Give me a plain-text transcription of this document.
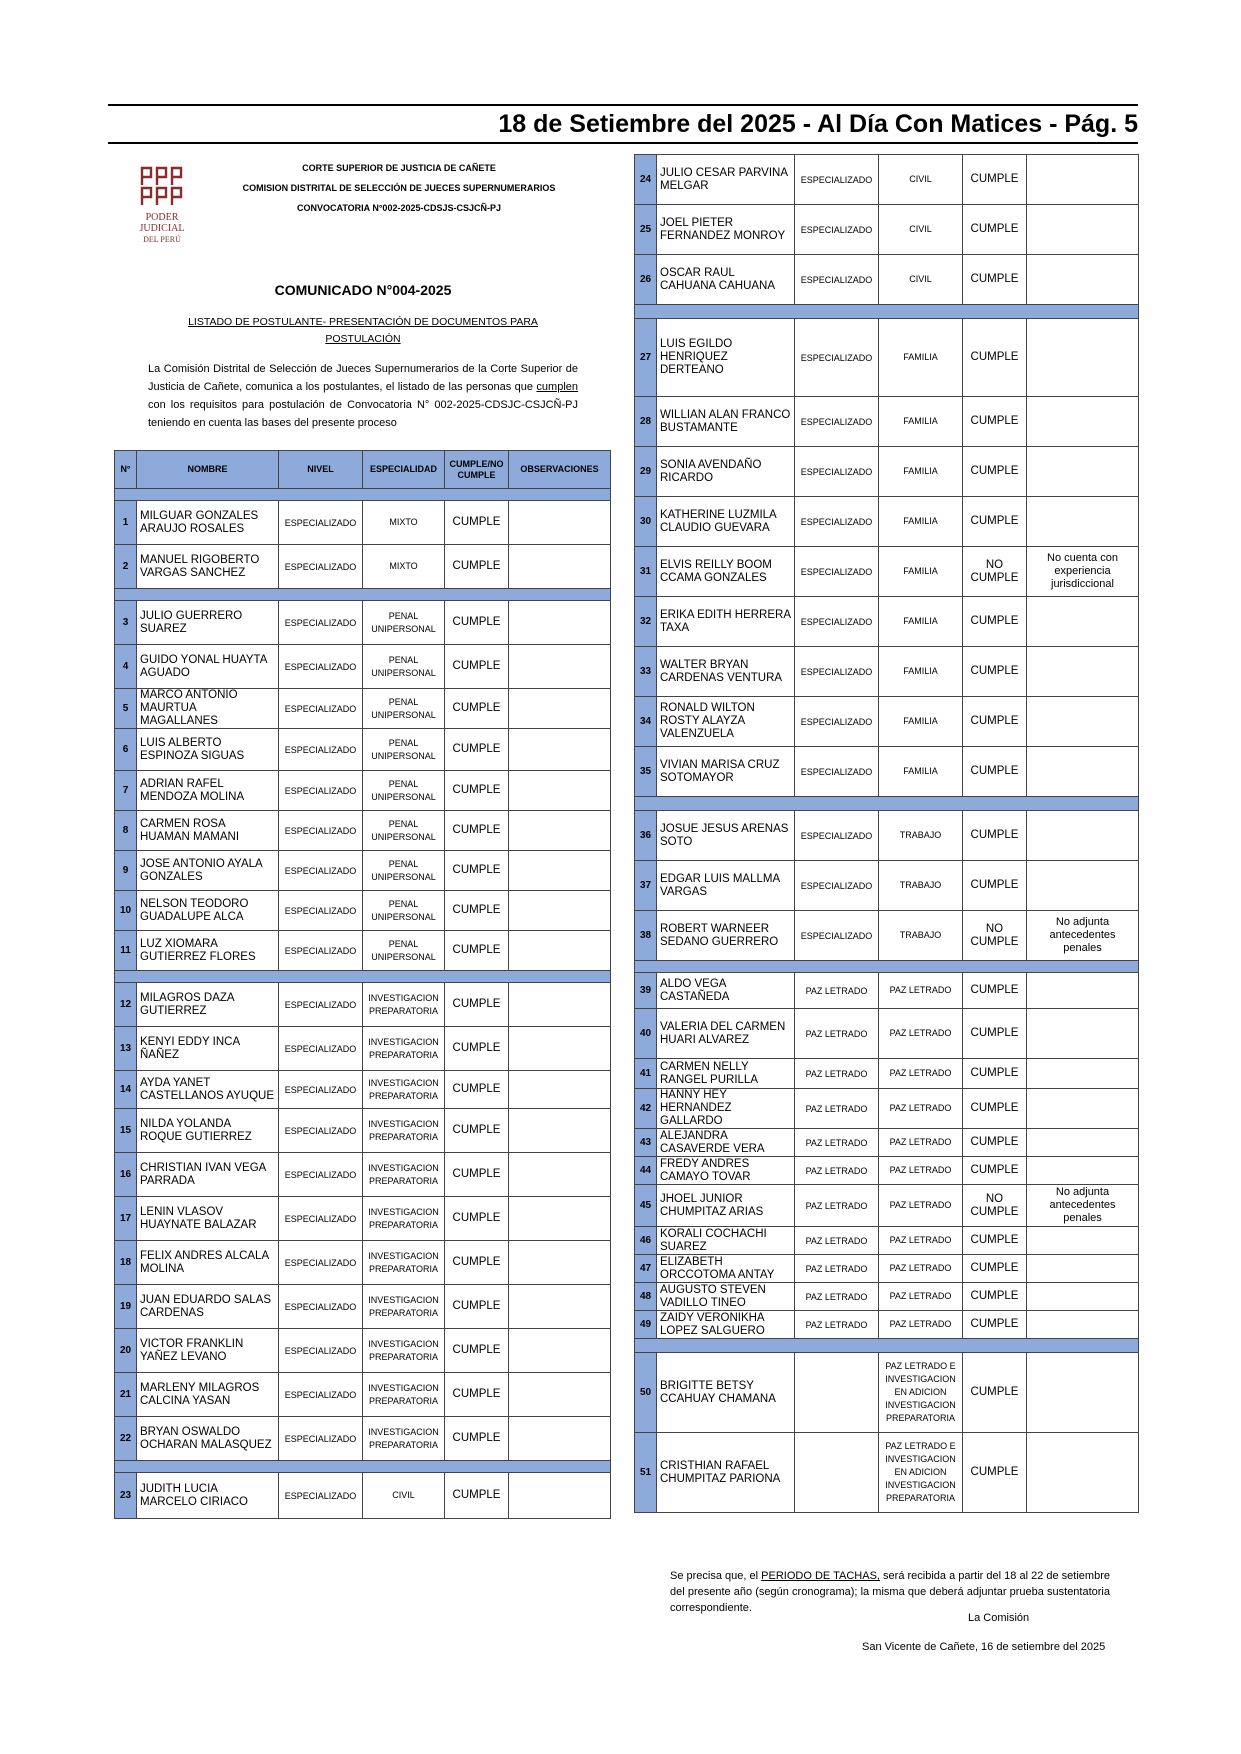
18 de Setiembre del 2025 - Al Día Con Matices - Pág. 5
PODER JUDICIAL
DEL PERÚ
CORTE SUPERIOR DE JUSTICIA DE CAÑETE
COMISION DISTRITAL DE SELECCIÓN DE JUECES SUPERNUMERARIOS
CONVOCATORIA N°002-2025-CDSJS-CSJCÑ-PJ
COMUNICADO N°004-2025
LISTADO DE POSTULANTE- PRESENTACIÓN DE DOCUMENTOS PARA POSTULACIÓN
La Comisión Distrital de Selección de Jueces Supernumerarios de la Corte Superior de Justicia de Cañete, comunica a los postulantes, el listado de las personas que cumplen con los requisitos para postulación de Convocatoria N° 002-2025-CDSJC-CSJCÑ-PJ teniendo en cuenta las bases del presente proceso
N°	NOMBRE	NIVEL	ESPECIALIDAD	CUMPLE/NO CUMPLE	OBSERVACIONES

1	MILGUAR GONZALES ARAUJO ROSALES	ESPECIALIZADO	MIXTO	CUMPLE	
2	MANUEL RIGOBERTO VARGAS SANCHEZ	ESPECIALIZADO	MIXTO	CUMPLE	

3	JULIO GUERRERO SUAREZ	ESPECIALIZADO	PENAL UNIPERSONAL	CUMPLE	
4	GUIDO YONAL HUAYTA AGUADO	ESPECIALIZADO	PENAL UNIPERSONAL	CUMPLE	
5	MARCO ANTONIO MAURTUA MAGALLANES	ESPECIALIZADO	PENAL UNIPERSONAL	CUMPLE	
6	LUIS ALBERTO ESPINOZA SIGUAS	ESPECIALIZADO	PENAL UNIPERSONAL	CUMPLE	
7	ADRIAN RAFEL MENDOZA MOLINA	ESPECIALIZADO	PENAL UNIPERSONAL	CUMPLE	
8	CARMEN ROSA HUAMAN MAMANI	ESPECIALIZADO	PENAL UNIPERSONAL	CUMPLE	
9	JOSE ANTONIO AYALA GONZALES	ESPECIALIZADO	PENAL UNIPERSONAL	CUMPLE	
10	NELSON TEODORO GUADALUPE ALCA	ESPECIALIZADO	PENAL UNIPERSONAL	CUMPLE	
11	LUZ XIOMARA GUTIERREZ FLORES	ESPECIALIZADO	PENAL UNIPERSONAL	CUMPLE	

12	MILAGROS DAZA GUTIERREZ	ESPECIALIZADO	INVESTIGACION PREPARATORIA	CUMPLE	
13	KENYI EDDY INCA ÑAÑEZ	ESPECIALIZADO	INVESTIGACION PREPARATORIA	CUMPLE	
14	AYDA YANET CASTELLANOS AYUQUE	ESPECIALIZADO	INVESTIGACION PREPARATORIA	CUMPLE	
15	NILDA YOLANDA ROQUE GUTIERREZ	ESPECIALIZADO	INVESTIGACION PREPARATORIA	CUMPLE	
16	CHRISTIAN IVAN VEGA PARRADA	ESPECIALIZADO	INVESTIGACION PREPARATORIA	CUMPLE	
17	LENIN VLASOV HUAYNATE BALAZAR	ESPECIALIZADO	INVESTIGACION PREPARATORIA	CUMPLE	
18	FELIX ANDRES ALCALA MOLINA	ESPECIALIZADO	INVESTIGACION PREPARATORIA	CUMPLE	
19	JUAN EDUARDO SALAS CARDENAS	ESPECIALIZADO	INVESTIGACION PREPARATORIA	CUMPLE	
20	VICTOR FRANKLIN YAÑEZ LEVANO	ESPECIALIZADO	INVESTIGACION PREPARATORIA	CUMPLE	
21	MARLENY MILAGROS CALCINA YASAN	ESPECIALIZADO	INVESTIGACION PREPARATORIA	CUMPLE	
22	BRYAN OSWALDO OCHARAN MALASQUEZ	ESPECIALIZADO	INVESTIGACION PREPARATORIA	CUMPLE	

23	JUDITH LUCIA MARCELO CIRIACO	ESPECIALIZADO	CIVIL	CUMPLE	
24	JULIO CESAR PARVINA MELGAR	ESPECIALIZADO	CIVIL	CUMPLE	
25	JOEL PIETER FERNANDEZ MONROY	ESPECIALIZADO	CIVIL	CUMPLE	
26	OSCAR RAUL CAHUANA CAHUANA	ESPECIALIZADO	CIVIL	CUMPLE	

27	LUIS EGILDO HENRIQUEZ DERTEANO	ESPECIALIZADO	FAMILIA	CUMPLE	
28	WILLIAN ALAN FRANCO BUSTAMANTE	ESPECIALIZADO	FAMILIA	CUMPLE	
29	SONIA AVENDAÑO RICARDO	ESPECIALIZADO	FAMILIA	CUMPLE	
30	KATHERINE LUZMILA CLAUDIO GUEVARA	ESPECIALIZADO	FAMILIA	CUMPLE	
31	ELVIS REILLY BOOM CCAMA GONZALES	ESPECIALIZADO	FAMILIA	NO CUMPLE	No cuenta con experiencia jurisdiccional
32	ERIKA EDITH HERRERA TAXA	ESPECIALIZADO	FAMILIA	CUMPLE	
33	WALTER BRYAN CARDENAS VENTURA	ESPECIALIZADO	FAMILIA	CUMPLE	
34	RONALD WILTON ROSTY ALAYZA VALENZUELA	ESPECIALIZADO	FAMILIA	CUMPLE	
35	VIVIAN MARISA CRUZ SOTOMAYOR	ESPECIALIZADO	FAMILIA	CUMPLE	

36	JOSUE JESUS ARENAS SOTO	ESPECIALIZADO	TRABAJO	CUMPLE	
37	EDGAR LUIS MALLMA VARGAS	ESPECIALIZADO	TRABAJO	CUMPLE	
38	ROBERT WARNEER SEDANO GUERRERO	ESPECIALIZADO	TRABAJO	NO CUMPLE	No adjunta antecedentes penales

39	ALDO VEGA CASTAÑEDA	PAZ LETRADO	PAZ LETRADO	CUMPLE	
40	VALERIA DEL CARMEN HUARI ALVAREZ	PAZ LETRADO	PAZ LETRADO	CUMPLE	
41	CARMEN NELLY RANGEL PURILLA	PAZ LETRADO	PAZ LETRADO	CUMPLE	
42	HANNY HEY HERNANDEZ GALLARDO	PAZ LETRADO	PAZ LETRADO	CUMPLE	
43	ALEJANDRA CASAVERDE VERA	PAZ LETRADO	PAZ LETRADO	CUMPLE	
44	FREDY ANDRES CAMAYO TOVAR	PAZ LETRADO	PAZ LETRADO	CUMPLE	
45	JHOEL JUNIOR CHUMPITAZ ARIAS	PAZ LETRADO	PAZ LETRADO	NO CUMPLE	No adjunta antecedentes penales
46	KORALI COCHACHI SUAREZ	PAZ LETRADO	PAZ LETRADO	CUMPLE	
47	ELIZABETH ORCCOTOMA ANTAY	PAZ LETRADO	PAZ LETRADO	CUMPLE	
48	AUGUSTO STEVEN VADILLO TINEO	PAZ LETRADO	PAZ LETRADO	CUMPLE	
49	ZAIDY VERONIKHA LOPEZ SALGUERO	PAZ LETRADO	PAZ LETRADO	CUMPLE	

50	BRIGITTE BETSY CCAHUAY CHAMANA		PAZ LETRADO E INVESTIGACION EN ADICION INVESTIGACION PREPARATORIA	CUMPLE	
51	CRISTHIAN RAFAEL CHUMPITAZ PARIONA		PAZ LETRADO E INVESTIGACION EN ADICION INVESTIGACION PREPARATORIA	CUMPLE	
Se precisa que, el PERIODO DE TACHAS, será recibida a partir del 18 al 22 de setiembre del presente año (según cronograma); la misma que deberá adjuntar prueba sustentatoria correspondiente.
La Comisión
San Vicente de Cañete, 16 de setiembre del 2025
